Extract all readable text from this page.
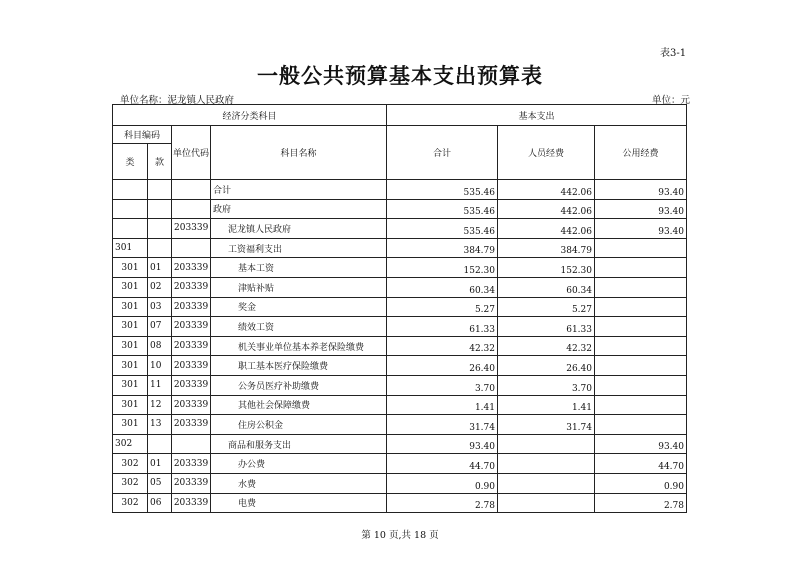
表3-1
一般公共预算基本支出预算表
单位名称：泥龙镇人民政府	单位：元
经济分类科目				基本支出		
科目编码		单位代码	科目名称	合计	人员经费	公用经费
类	款					
			合计	535.46	442.06	93.40
			政府	535.46	442.06	93.40
		203339	泥龙镇人民政府	535.46	442.06	93.40
301			工资福利支出	384.79	384.79	
301	01	203339	基本工资	152.30	152.30	
301	02	203339	津贴补贴	60.34	60.34	
301	03	203339	奖金	5.27	5.27	
301	07	203339	绩效工资	61.33	61.33	
301	08	203339	机关事业单位基本养老保险缴费	42.32	42.32	
301	10	203339	职工基本医疗保险缴费	26.40	26.40	
301	11	203339	公务员医疗补助缴费	3.70	3.70	
301	12	203339	其他社会保障缴费	1.41	1.41	
301	13	203339	住房公积金	31.74	31.74	
302			商品和服务支出	93.40		93.40
302	01	203339	办公费	44.70		44.70
302	05	203339	水费	0.90		0.90
302	06	203339	电费	2.78		2.78
第 10 页,共 18 页
